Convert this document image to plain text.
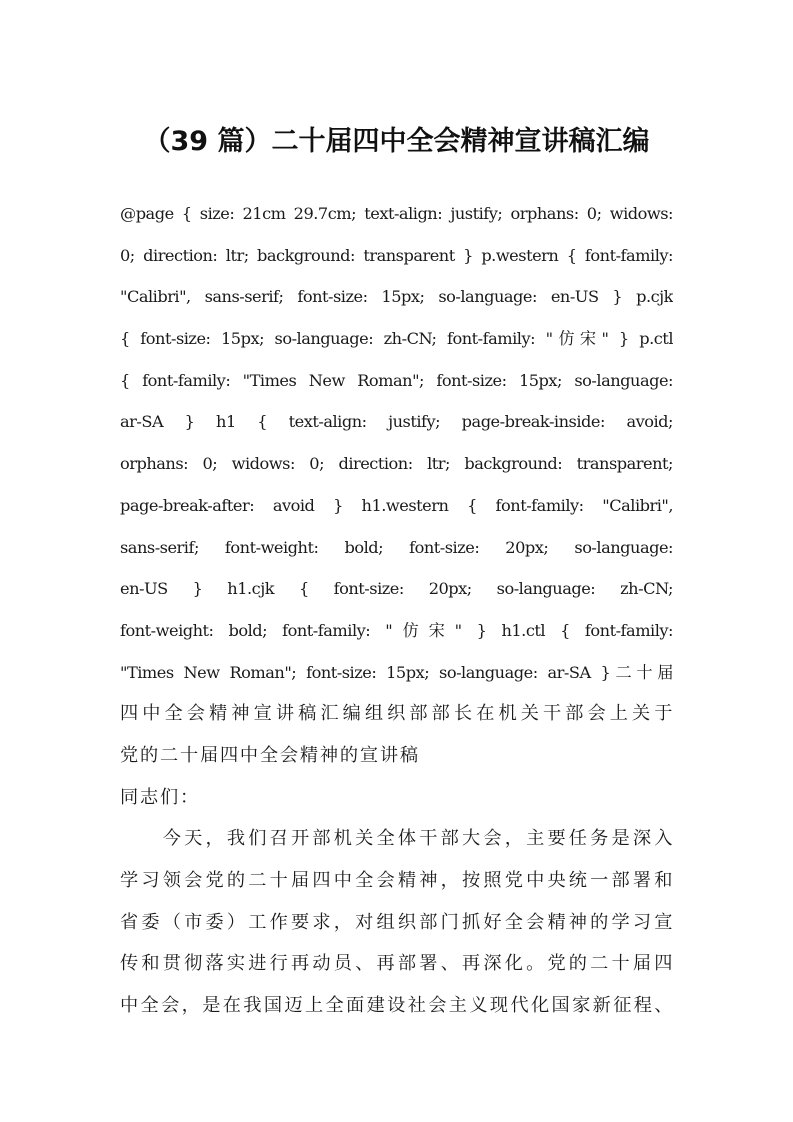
（39 篇）二十届四中全会精神宣讲稿汇编
@page { size: 21cm 29.7cm; text-align: justify; orphans: 0; widows:
0; direction: ltr; background: transparent } p.western { font-family:
"Calibri", sans-serif; font-size: 15px; so-language: en-US } p.cjk
{ font-size: 15px; so-language: zh-CN; font-family: "仿宋" } p.ctl
{ font-family: "Times New Roman"; font-size: 15px; so-language:
ar-SA } h1 { text-align: justify; page-break-inside: avoid;
orphans: 0; widows: 0; direction: ltr; background: transparent;
page-break-after: avoid } h1.western { font-family: "Calibri",
sans-serif; font-weight: bold; font-size: 20px; so-language:
en-US } h1.cjk { font-size: 20px; so-language: zh-CN;
font-weight: bold; font-family: "仿宋" } h1.ctl { font-family:
"Times New Roman"; font-size: 15px; so-language: ar-SA }二十届
四中全会精神宣讲稿汇编组织部部长在机关干部会上关于
党的二十届四中全会精神的宣讲稿
同志们：
　　今天，我们召开部机关全体干部大会，主要任务是深入
学习领会党的二十届四中全会精神，按照党中央统一部署和
省委（市委）工作要求，对组织部门抓好全会精神的学习宣
传和贯彻落实进行再动员、再部署、再深化。党的二十届四
中全会，是在我国迈上全面建设社会主义现代化国家新征程、
